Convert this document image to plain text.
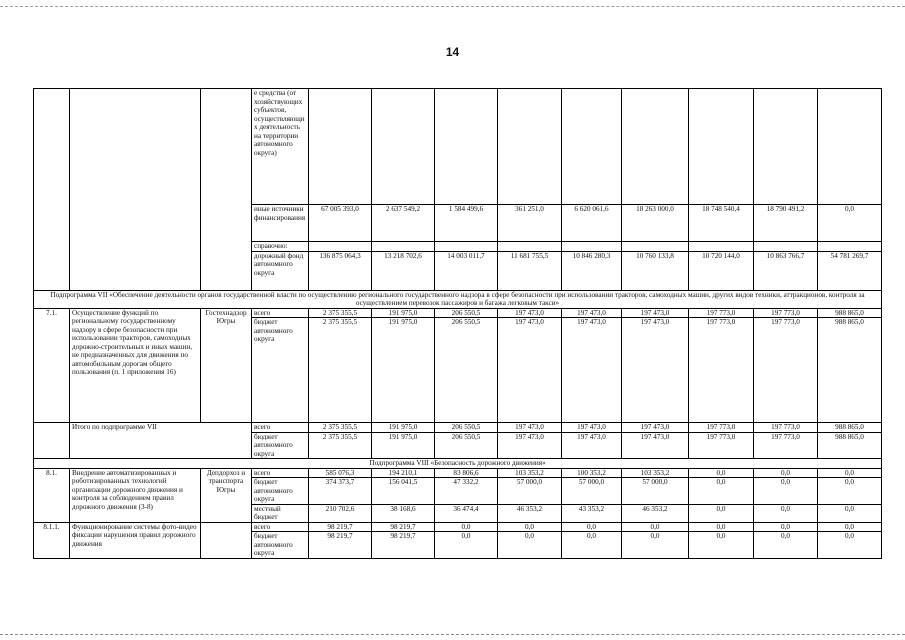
14
			е средства (от хозяйствующих субъектов, осуществляющих деятельность на территории автономного округа)									
			иные источники финансирования	67 005 393,0	2 637 549,2	1 584 499,6	361 251,0	6 620 061,6	18 263 000,0	18 748 540,4	18 790 491,2	0,0
			справочно:									
			дорожный фонд автономного округа	136 875 064,3	13 218 702,6	14 003 011,7	11 681 755,5	10 846 280,3	10 760 133,8	10 720 144,0	10 863 766,7	54 781 269,7
Подпрограмма VII «Обеспечение деятельности органов государственной власти по осуществлению регионального государственного надзора в сфере безопасности при использовании тракторов, самоходных машин, других видов техники, аттракционов, контроля за осуществлением перевозок пассажиров и багажа легковым такси»												
7.1.	Осуществление функций по региональному государственному надзору в сфере безопасности при использовании тракторов, самоходных дорожно-строительных и иных машин, не предназначенных для движения по автомобильным дорогам общего пользования (п. 1 приложения 16)	Гостехнадзор Югры	всего	2 375 355,5	191 975,0	206 550,5	197 473,0	197 473,0	197 473,0	197 773,0	197 773,0	988 865,0
			бюджет автономного округа	2 375 355,5	191 975,0	206 550,5	197 473,0	197 473,0	197 473,0	197 773,0	197 773,0	988 865,0
	Итого по подпрограмме VII		всего	2 375 355,5	191 975,0	206 550,5	197 473,0	197 473,0	197 473,0	197 773,0	197 773,0	988 865,0
			бюджет автономного округа	2 375 355,5	191 975,0	206 550,5	197 473,0	197 473,0	197 473,0	197 773,0	197 773,0	988 865,0
Подпрограмма VIII «Безопасность дорожного движения»												
8.1.	Внедрение автоматизированных и роботизированных технологий организации дорожного движения и контроля за соблюдением правил дорожного движения (3-8)	Депдорхоз и транспорта Югры	всего	585 076,3	194 210,1	83 806,6	103 353,2	100 353,2	103 353,2	0,0	0,0	0,0
			бюджет автономного округа	374 373,7	156 041,5	47 332,2	57 000,0	57 000,0	57 000,0	0,0	0,0	0,0
			местный бюджет	210 702,6	38 168,6	36 474,4	46 353,2	43 353,2	46 353,2	0,0	0,0	0,0
8.1.1.	Функционирование системы фото-видео фиксации нарушения правил дорожного движения		всего	98 219,7	98 219,7	0,0	0,0	0,0	0,0	0,0	0,0	0,0
			бюджет автономного округа	98 219,7	98 219,7	0,0	0,0	0,0	0,0	0,0	0,0	0,0
